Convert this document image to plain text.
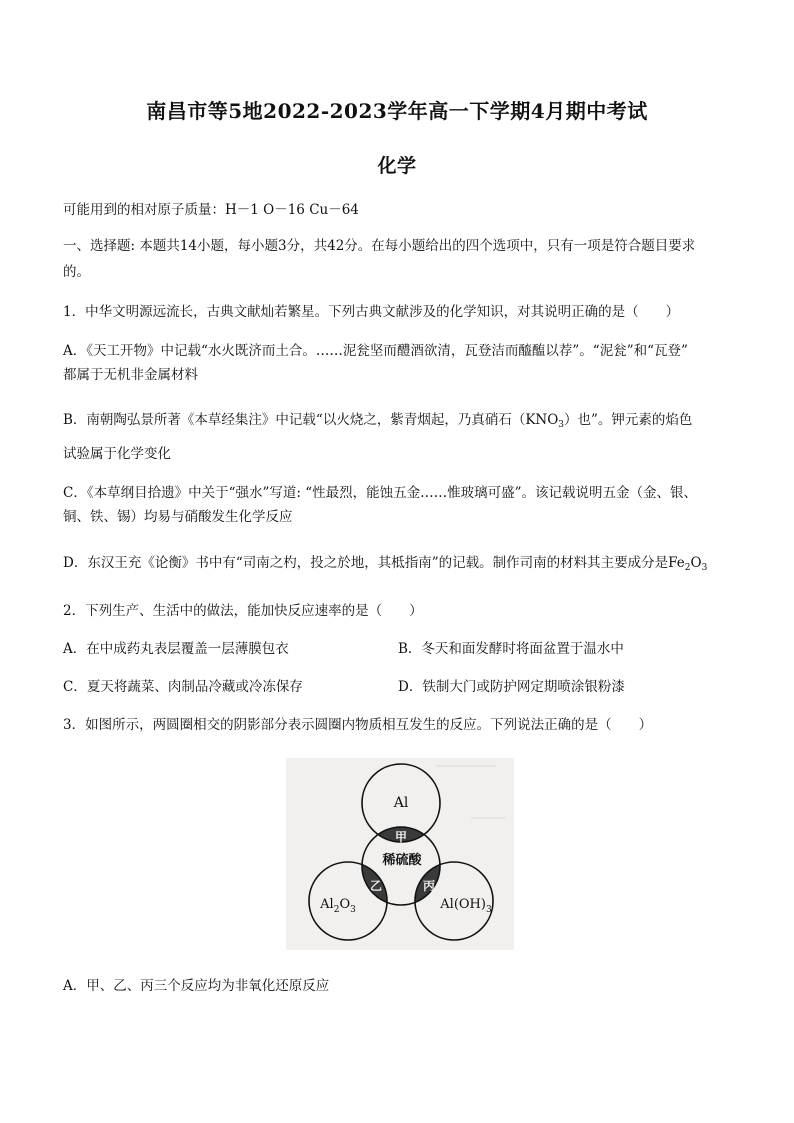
南昌市等5地2022-2023学年高一下学期4月期中考试
化学
可能用到的相对原子质量：H－1 O－16 Cu－64
一、选择题: 本题共14小题，每小题3分，共42分。在每小题给出的四个选项中，只有一项是符合题目要求
的。
1．中华文明源远流长，古典文献灿若繁星。下列古典文献涉及的化学知识，对其说明正确的是（　　）
A．《天工开物》中记载“水火既济而土合。……泥瓮坚而醴酒欲清，瓦登洁而醯醢以荐”。“泥瓮”和“瓦登”
都属于无机非金属材料
B．南朝陶弘景所著《本草经集注》中记载“以火烧之，紫青烟起，乃真硝石$(KNO_3)$也”。钾元素的焰色
试验属于化学变化
C．《本草纲目拾遗》中关于“强水”写道: “性最烈，能蚀五金……惟玻璃可盛”。该记载说明五金（金、银、
铜、铁、锡）均易与硝酸发生化学反应
D．东汉王充《论衡》书中有“司南之杓，投之於地，其柢指南”的记载。制作司南的材料其主要成分是$Fe_2O_3$
2．下列生产、生活中的做法，能加快反应速率的是（　　）
A．在中成药丸表层覆盖一层薄膜包衣	B．冬天和面发酵时将面盆置于温水中
C．夏天将蔬菜、肉制品冷藏或冷冻保存	D．铁制大门或防护网定期喷涂银粉漆
3．如图所示，两圆圈相交的阴影部分表示圆圈内物质相互发生的反应。下列说法正确的是（　　）
Al
甲
稀硫酸
乙	丙
$Al_2O_3$	$Al(OH)_3$
A．甲、乙、丙三个反应均为非氧化还原反应
